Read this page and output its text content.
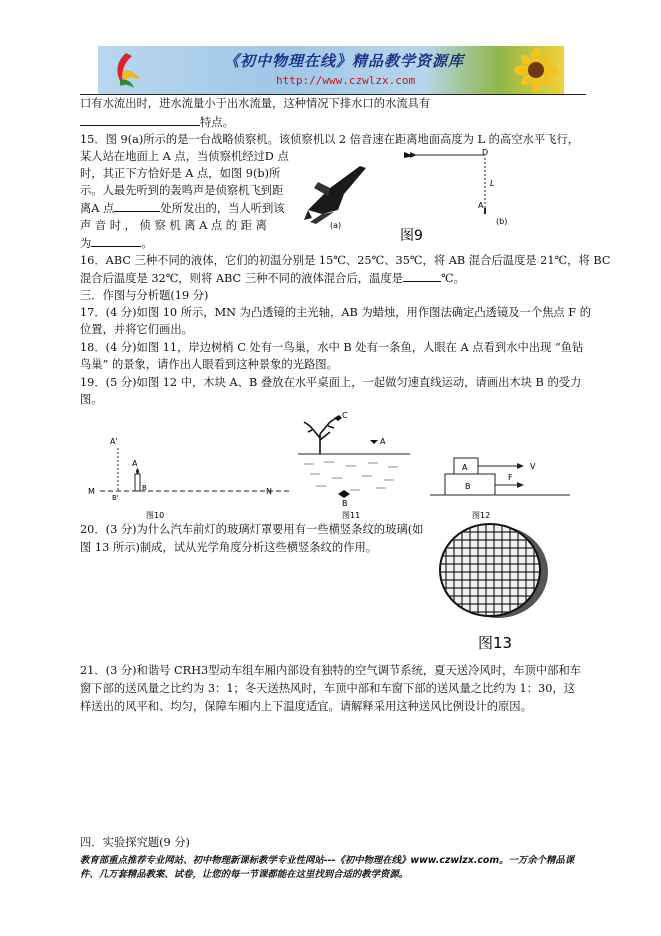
《初中物理在线》精品教学资源库
http://www.czwlzx.com
口有水流出时，进水流量小于出水流量，这种情况下排水口的水流具有
特点。
15．图 9(a)所示的是一台战略侦察机。该侦察机以 2 倍音速在距离地面高度为 L 的高空水平飞行，
某人站在地面上 A 点，当侦察机经过D 点
时，其正下方恰好是 A 点，如图 9(b)所
示。人最先听到的轰鸣声是侦察机飞到距
离A 点	处所发出的，当人听到该
声 音 时 ， 侦 察 机 离 A 点 的 距 离
为	。
(a)
D
L
A
(b)
图9
16．ABC 三种不同的液体，它们的初温分别是 15℃、25℃、35℃，将 AB 混合后温度是 21℃，将 BC
混合后温度是 32℃，则将 ABC 三种不同的液体混合后，温度是	℃。
三．作图与分析题(19 分)
17．(4 分)如图 10 所示，MN 为凸透镜的主光轴，AB 为蜡烛，用作图法确定凸透镜及一个焦点 F 的
位置，并将它们画出。
18．(4 分)如图 11，岸边树梢 C 处有一鸟巢，水中 B 处有一条鱼，人眼在 A 点看到水中出现 “鱼钻
鸟巢” 的景象，请作出人眼看到这种景象的光路图。
19．(5 分)如图 12 中，木块 A、B 叠放在水平桌面上，一起做匀速直线运动，请画出木块 B 的受力
图。
M	N
A'
B'
A
B
图10
C
A
B
图11
A
B
V
F
图12
20．(3 分)为什么汽车前灯的玻璃灯罩要用有一些横竖条纹的玻璃(如
图 13 所示)制成，试从光学角度分析这些横竖条纹的作用。
图13
21．(3 分)和谐号 CRH3型动车组车厢内部设有独特的空气调节系统，夏天送冷风时，车顶中部和车
窗下部的送风量之比约为 3：1；冬天送热风时，车顶中部和车窗下部的送风量之比约为 1：30，这
样送出的风平和、均匀，保障车厢内上下温度适宜。请解释采用这种送风比例设计的原因。
四．实验探究题(9 分)
教育部重点推荐专业网站、初中物理新课标教学专业性网站---《初中物理在线》www.czwlzx.com。一万余个精品课
件、几万套精品教案、试卷，让您的每一节课都能在这里找到合适的教学资源。
